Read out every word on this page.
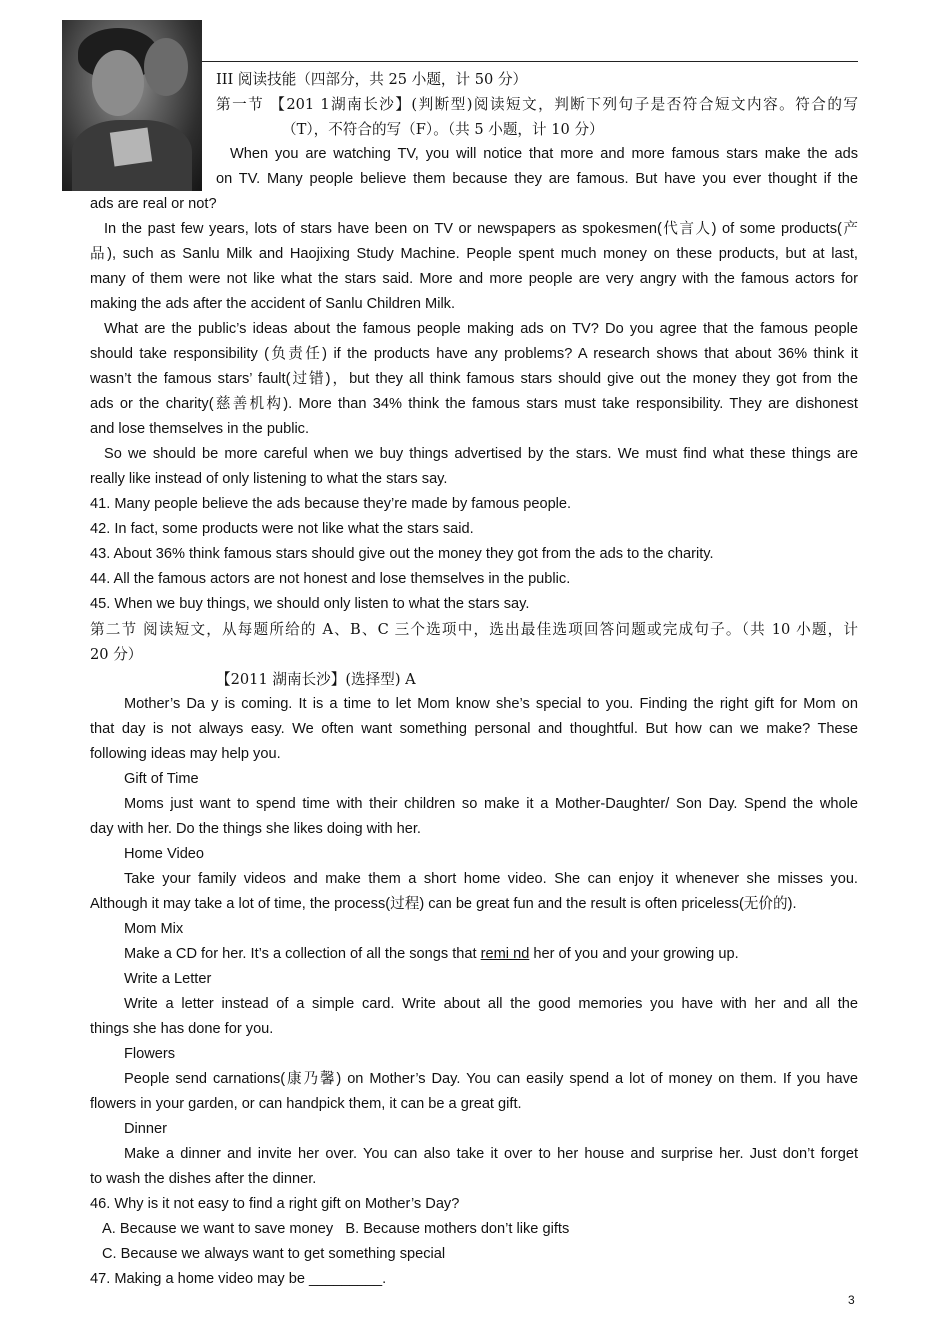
III 阅读技能（四部分，共 25 小题，计 50 分）
第一节 【201 1湖南长沙】(判断型)阅读短文，判断下列句子是否符合短文内容。符合的写
（T），不符合的写（F）。（共 5 小题，计 10 分）
When you are watching TV, you will notice that more and more famous stars make the ads
on TV. Many people believe them because they are famous. But have you ever thought if the
ads are real or not?
In the past few years, lots of stars have been on TV or newspapers as spokesmen(代言人) of some products(产
品), such as Sanlu Milk and Haojixing Study Machine. People spent much money on these products, but at last,
many of them were not like what the stars said. More and more people are very angry with the famous actors for
making the ads after the accident of Sanlu Children Milk.
What are the public’s ideas about the famous people making ads on TV? Do you agree that the famous people
should take responsibility (负责任) if the products have any problems? A research shows that about 36% think it
wasn’t the famous stars’ fault(过错)，but they all think famous stars should give out the money they got from the
ads or the charity(慈善机构). More than 34% think the famous stars must take responsibility. They are dishonest
and lose themselves in the public.
So we should be more careful when we buy things advertised by the stars. We must find what these things are
really like instead of only listening to what the stars say.
41. Many people believe the ads because they’re made by famous people.
42. In fact, some products were not like what the stars said.
43. About 36% think famous stars should give out the money they got from the ads to the charity.
44. All the famous actors are not honest and lose themselves in the public.
45. When we buy things, we should only listen to what the stars say.
第二节 阅读短文，从每题所给的 A、B、C 三个选项中，选出最佳选项回答问题或完成句子。（共 10 小题，计
20 分）
【2011 湖南长沙】(选择型) A
Mother’s Da y is coming. It is a time to let Mom know she’s special to you. Finding the right gift for Mom on
that day is not always easy. We often want something personal and thoughtful. But how can we make? These
following ideas may help you.
Gift of Time
Moms just want to spend time with their children so make it a Mother-Daughter/ Son Day. Spend the whole
day with her. Do the things she likes doing with her.
Home Video
Take your family videos and make them a short home video. She can enjoy it whenever she misses you.
Although it may take a lot of time, the process(过程) can be great fun and the result is often priceless(无价的).
Mom Mix
Make a CD for her. It’s a collection of all the songs that remi nd her of you and your growing up.
Write a Letter
Write a letter instead of a simple card. Write about all the good memories you have with her and all the
things she has done for you.
Flowers
People send carnations(康乃馨) on Mother’s Day. You can easily spend a lot of money on them. If you have
flowers in your garden, or can handpick them, it can be a great gift.
Dinner
Make a dinner and invite her over. You can also take it over to her house and surprise her. Just don’t forget
to wash the dishes after the dinner.
46. Why is it not easy to find a right gift on Mother’s Day?
A. Because we want to save money   B. Because mothers don’t like gifts
C. Because we always want to get something special
47. Making a home video may be _________.
3
